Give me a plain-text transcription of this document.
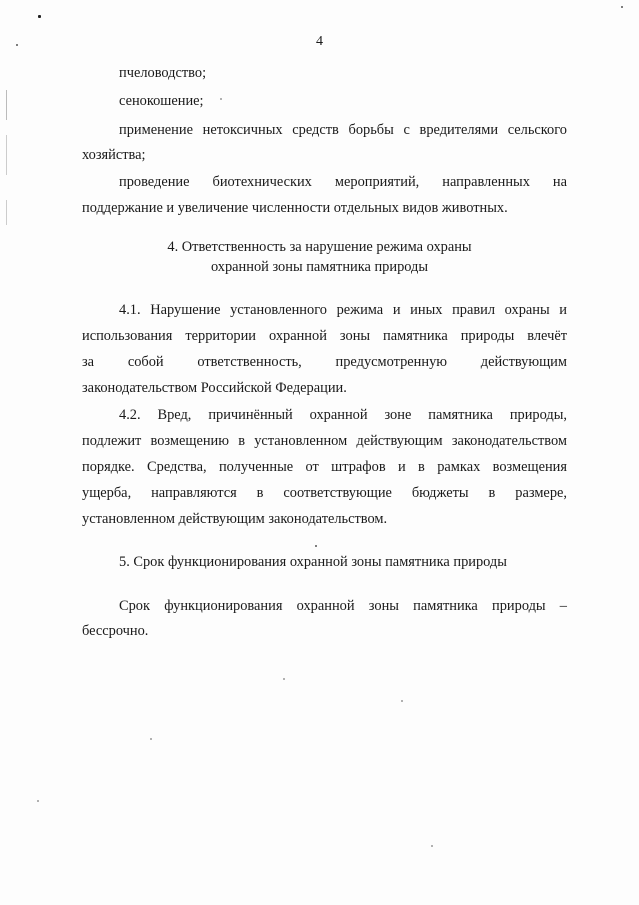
4
пчеловодство;
сенокошение;
применение нетоксичных средств борьбы с вредителями сельского
хозяйства;
проведение биотехнических мероприятий, направленных на
поддержание и увеличение численности отдельных видов животных.
4. Ответственность за нарушение режима охраны
охранной зоны памятника природы
4.1. Нарушение установленного режима и иных правил охраны и
использования территории охранной зоны памятника природы влечёт
за собой ответственность, предусмотренную действующим
законодательством Российской Федерации.
4.2. Вред, причинённый охранной зоне памятника природы,
подлежит возмещению в установленном действующим законодательством
порядке. Средства, полученные от штрафов и в рамках возмещения
ущерба, направляются в соответствующие бюджеты в размере,
установленном действующим законодательством.
5. Срок функционирования охранной зоны памятника природы
Срок функционирования охранной зоны памятника природы –
бессрочно.
